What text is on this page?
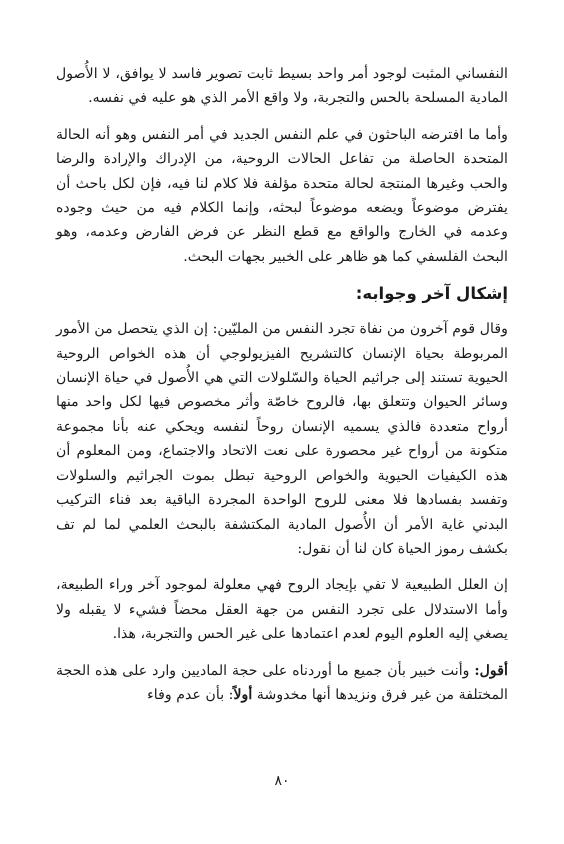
النفساني المثبت لوجود أمر واحد بسيط ثابت تصوير فاسد لا يوافق، لا الأُصول المادية المسلحة بالحس والتجربة، ولا واقع الأمر الذي هو عليه في نفسه.

وأما ما افترضه الباحثون في علم النفس الجديد في أمر النفس وهو أنه الحالة المتحدة الحاصلة من تفاعل الحالات الروحية، من الإدراك والإرادة والرضا والحب وغيرها المنتجة لحالة متحدة مؤلفة فلا كلام لنا فيه، فإن لكل باحث أن يفترض موضوعاً ويضعه موضوعاً لبحثه، وإنما الكلام فيه من حيث وجوده وعدمه في الخارج والواقع مع قطع النظر عن فرض الفارض وعدمه، وهو البحث الفلسفي كما هو ظاهر على الخبير بجهات البحث.

إشكال آخر وجوابه:

وقال قوم آخرون من نفاة تجرد النفس من المليّين: إن الذي يتحصل من الأمور المربوطة بحياة الإنسان كالتشريح الفيزيولوجي أن هذه الخواص الروحية الحيوية تستند إلى جراثيم الحياة والسّلولات التي هي الأُصول في حياة الإنسان وسائر الحيوان وتتعلق بها، فالروح خاصّة وأثر مخصوص فيها لكل واحد منها أرواح متعددة فالذي يسميه الإنسان روحاً لنفسه ويحكي عنه بأنا مجموعة متكونة من أرواح غير محصورة على نعت الاتحاد والاجتماع، ومن المعلوم أن هذه الكيفيات الحيوية والخواص الروحية تبطل بموت الجراثيم والسلولات وتفسد بفسادها فلا معنى للروح الواحدة المجردة الباقية بعد فناء التركيب البدني غاية الأمر أن الأُصول المادية المكتشفة بالبحث العلمي لما لم تف بكشف رموز الحياة كان لنا أن نقول:

إن العلل الطبيعية لا تفي بإيجاد الروح فهي معلولة لموجود آخر وراء الطبيعة، وأما الاستدلال على تجرد النفس من جهة العقل محضاً فشيء لا يقبله ولا يصغي إليه العلوم اليوم لعدم اعتمادها على غير الحس والتجربة، هذا.

أقول: وأنت خبير بأن جميع ما أوردناه على حجة الماديين وارد على هذه الحجة المختلفة من غير فرق ونزيدها أنها مخدوشة أولاً: بأن عدم وفاء

٨٠
